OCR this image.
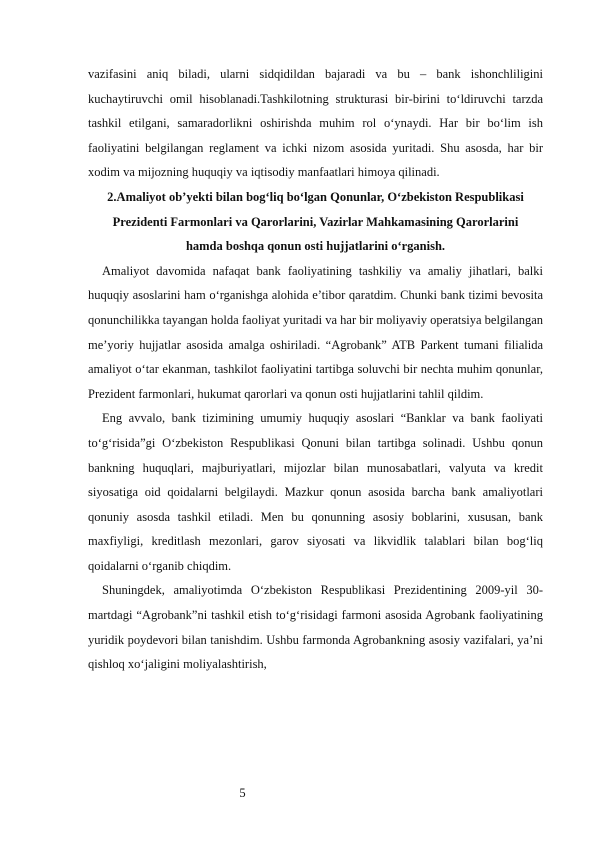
vazifasini aniq biladi, ularni sidqidildan bajaradi va bu – bank ishonchliligini kuchaytiruvchi omil hisoblanadi.Tashkilotning strukturasi bir-birini to‘ldiruvchi tarzda tashkil etilgani, samaradorlikni oshirishda muhim rol o‘ynaydi. Har bir bo‘lim ish faoliyatini belgilangan reglament va ichki nizom asosida yuritadi. Shu asosda, har bir xodim va mijozning huquqiy va iqtisodiy manfaatlari himoya qilinadi.

2.Amaliyot ob’yekti bilan bog‘liq bo‘lgan Qonunlar, O‘zbekiston Respublikasi Prezidenti Farmonlari va Qarorlarini, Vazirlar Mahkamasining Qarorlarini hamda boshqa qonun osti hujjatlarini o‘rganish.

Amaliyot davomida nafaqat bank faoliyatining tashkiliy va amaliy jihatlari, balki huquqiy asoslarini ham o‘rganishga alohida e’tibor qaratdim. Chunki bank tizimi bevosita qonunchilikka tayangan holda faoliyat yuritadi va har bir moliyaviy operatsiya belgilangan me’yoriy hujjatlar asosida amalga oshiriladi. “Agrobank” ATB Parkent tumani filialida amaliyot o‘tar ekanman, tashkilot faoliyatini tartibga soluvchi bir nechta muhim qonunlar, Prezident farmonlari, hukumat qarorlari va qonun osti hujjatlarini tahlil qildim.

Eng avvalo, bank tizimining umumiy huquqiy asoslari “Banklar va bank faoliyati to‘g‘risida”gi O‘zbekiston Respublikasi Qonuni bilan tartibga solinadi. Ushbu qonun bankning huquqlari, majburiyatlari, mijozlar bilan munosabatlari, valyuta va kredit siyosatiga oid qoidalarni belgilaydi. Mazkur qonun asosida barcha bank amaliyotlari qonuniy asosda tashkil etiladi. Men bu qonunning asosiy boblarini, xususan, bank maxfiyligi, kreditlash mezonlari, garov siyosati va likvidlik talablari bilan bog‘liq qoidalarni o‘rganib chiqdim.

Shuningdek, amaliyotimda O‘zbekiston Respublikasi Prezidentining 2009-yil 30-martdagi “Agrobank”ni tashkil etish to‘g‘risidagi farmoni asosida Agrobank faoliyatining yuridik poydevori bilan tanishdim. Ushbu farmonda Agrobankning asosiy vazifalari, ya’ni qishloq xo‘jaligini moliyalashtirish,

5
